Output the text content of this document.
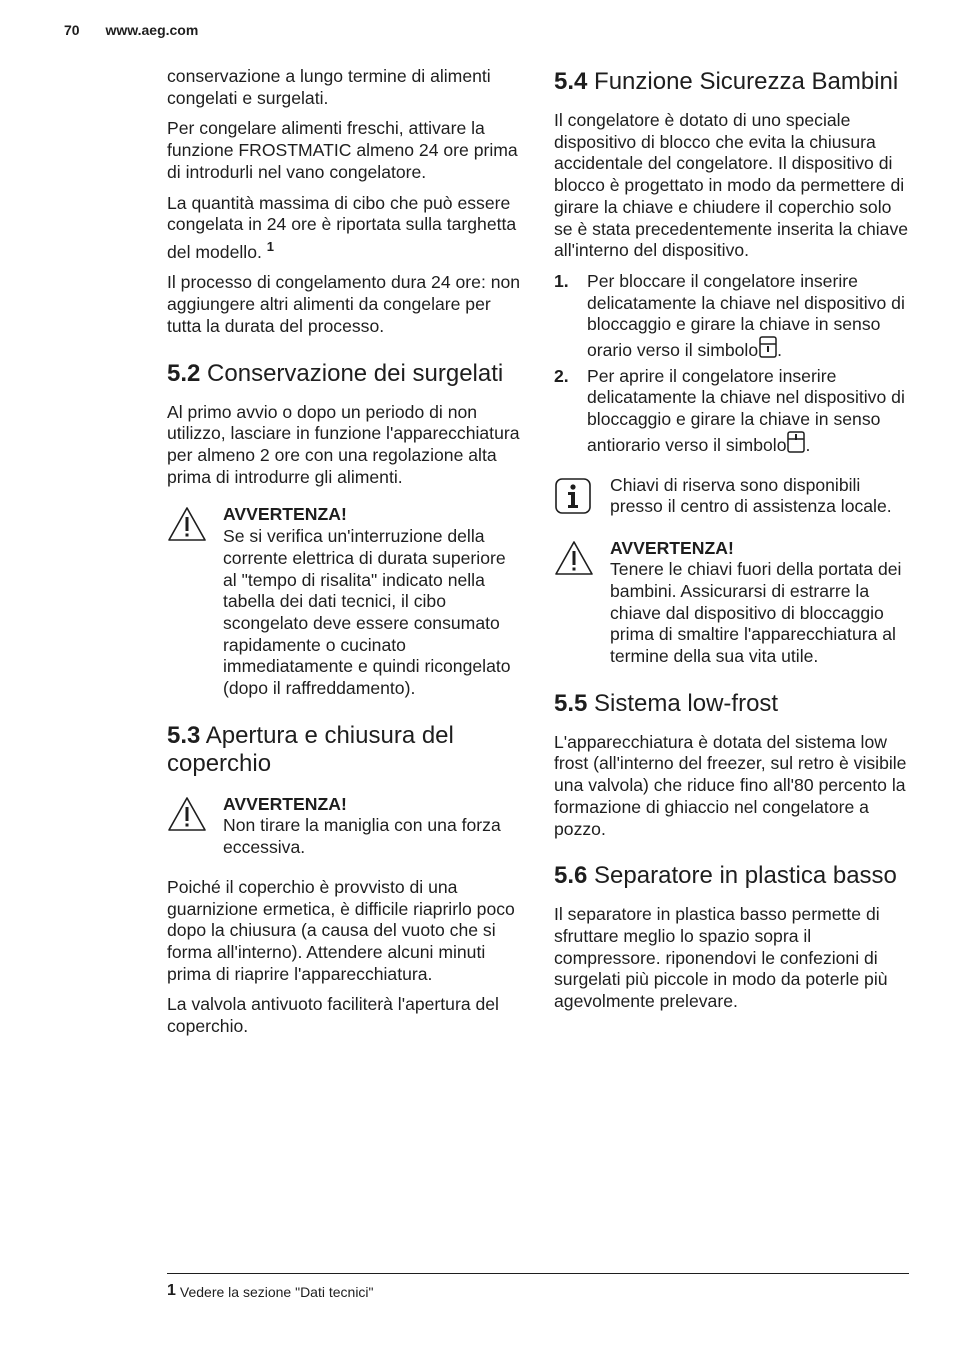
70 www.aeg.com

conservazione a lungo termine di alimenti congelati e surgelati.

Per congelare alimenti freschi, attivare la funzione FROSTMATIC almeno 24 ore prima di introdurli nel vano congelatore.

La quantità massima di cibo che può essere congelata in 24 ore è riportata sulla targhetta del modello. $^1$

Il processo di congelamento dura 24 ore: non aggiungere altri alimenti da congelare per tutta la durata del processo.

5.2 Conservazione dei surgelati

Al primo avvio o dopo un periodo di non utilizzo, lasciare in funzione l'apparecchiatura per almeno 2 ore con una regolazione alta prima di introdurre gli alimenti.

AVVERTENZA!

Se si verifica un'interruzione della corrente elettrica di durata superiore al "tempo di risalita" indicato nella tabella dei dati tecnici, il cibo scongelato deve essere consumato rapidamente o cucinato immediatamente e quindi ricongelato (dopo il raffreddamento).

5.3 Apertura e chiusura del coperchio
AVVERTENZA!

Non tirare la maniglia con una forza eccessiva.

Poiché il coperchio è provvisto di una guarnizione ermetica, è difficile riaprirlo poco dopo la chiusura (a causa del vuoto che si forma all'interno). Attendere alcuni minuti prima di riaprire l'apparecchiatura.

La valvola antivuoto faciliterà l'apertura del coperchio.

5.4 Funzione Sicurezza Bambini

Il congelatore è dotato di uno speciale dispositivo di blocco che evita la chiusura accidentale del congelatore. Il dispositivo di blocco è progettato in modo da permettere di girare la chiave e chiudere il coperchio solo se è stata precedentemente inserita la chiave all'interno del dispositivo.

1.	Per bloccare il congelatore inserire delicatamente la chiave nel dispositivo di bloccaggio e girare la chiave in senso orario verso il simbolo .
2.	Per aprire il congelatore inserire delicatamente la chiave nel dispositivo di bloccaggio e girare la chiave in senso antiorario verso il simbolo .

Chiavi di riserva sono disponibili presso il centro di assistenza locale.

AVVERTENZA!

Tenere le chiavi fuori della portata dei bambini. Assicurarsi di estrarre la chiave dal dispositivo di bloccaggio prima di smaltire l'apparecchiatura al termine della sua vita utile.

5.5 Sistema low-frost

L'apparecchiatura è dotata del sistema low frost (all'interno del freezer, sul retro è visibile una valvola) che riduce fino all'80 percento la formazione di ghiaccio nel congelatore a pozzo.

5.6 Separatore in plastica basso

Il separatore in plastica basso permette di sfruttare meglio lo spazio sopra il compressore. riponendovi le confezioni di surgelati più piccole in modo da poterle più agevolmente prelevare.

1 Vedere la sezione "Dati tecnici"
